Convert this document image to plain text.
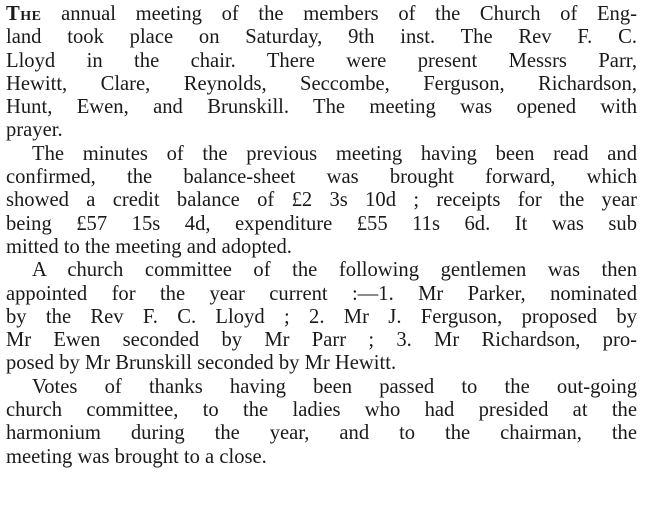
The annual meeting of the members of the Church of Eng-
land took place on Saturday, 9th inst. The Rev F. C.
Lloyd in the chair. There were present Messrs Parr,
Hewitt, Clare, Reynolds, Seccombe, Ferguson, Richardson,
Hunt, Ewen, and Brunskill. The meeting was opened with
prayer.
The minutes of the previous meeting having been read and
confirmed, the balance-sheet was brought forward, which
showed a credit balance of £2 3s 10d ; receipts for the year
being £57 15s 4d, expenditure £55 11s 6d. It was sub
mitted to the meeting and adopted.
A church committee of the following gentlemen was then
appointed for the year current :—1. Mr Parker, nominated
by the Rev F. C. Lloyd ; 2. Mr J. Ferguson, proposed by
Mr Ewen seconded by Mr Parr ; 3. Mr Richardson, pro-
posed by Mr Brunskill seconded by Mr Hewitt.
Votes of thanks having been passed to the out-going
church committee, to the ladies who had presided at the
harmonium during the year, and to the chairman, the
meeting was brought to a close.
